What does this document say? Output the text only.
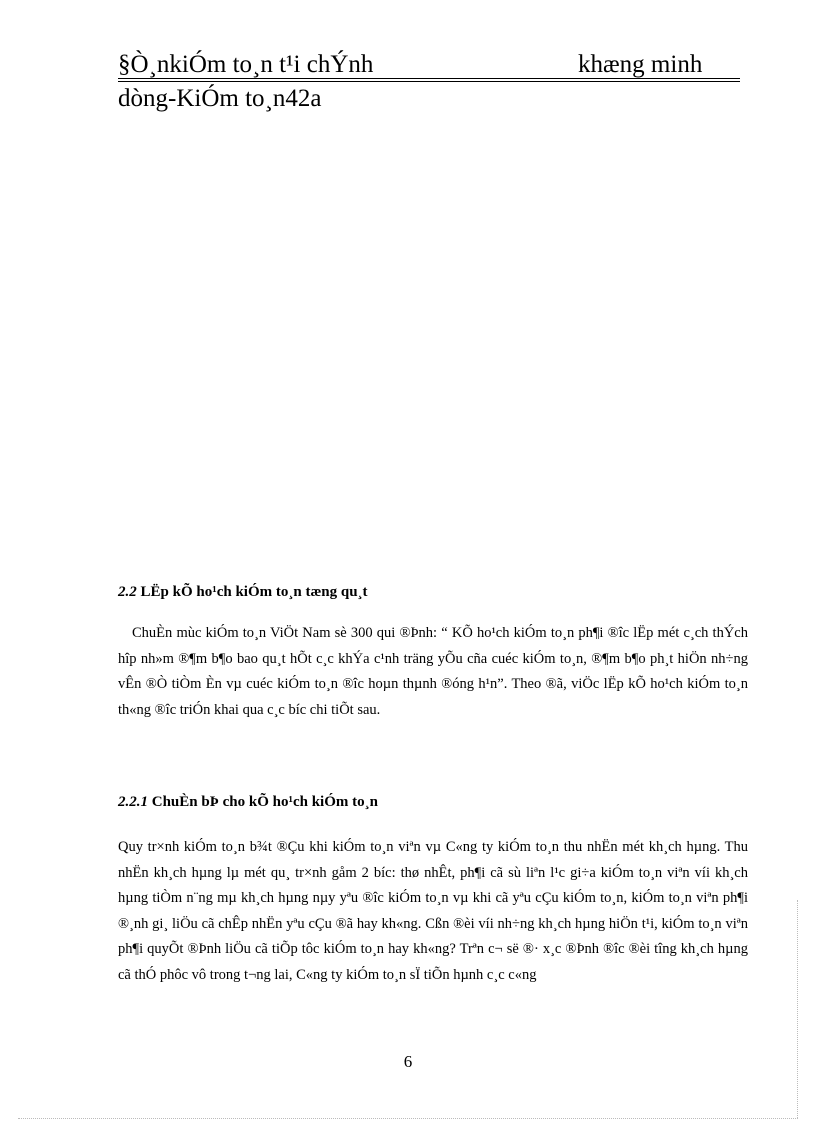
§Ò¸nkiÓm to¸n t¹i chÝnh	khæng minh
dòng-KiÓm to¸n42a
2.2 LËp kÕ ho¹ch kiÓm to¸n tæng qu¸t
ChuÈn mùc kiÓm to¸n ViÖt Nam sè 300 qui ®Þnh: “ KÕ ho¹ch kiÓm to¸n ph¶i ®îc lËp mét c¸ch thÝch hîp nh»m ®¶m b¶o bao qu¸t hÕt c¸c khÝa c¹nh träng yÕu cña cuéc kiÓm to¸n, ®¶m b¶o ph¸t hiÖn nh÷ng vÊn ®Ò tiÒm Èn vµ cuéc kiÓm to¸n ®îc hoµn thµnh ®óng h¹n”. Theo ®ã, viÖc lËp kÕ ho¹ch kiÓm to¸n th«ng ®îc triÓn khai qua c¸c bíc chi tiÕt sau.
2.2.1 ChuÈn bÞ cho kÕ ho¹ch kiÓm to¸n
Quy tr×nh kiÓm to¸n b¾t ®Çu khi kiÓm to¸n viªn vµ C«ng ty kiÓm to¸n thu nhËn mét kh¸ch hµng. Thu nhËn kh¸ch hµng lµ mét qu¸ tr×nh gåm 2 bíc: thø nhÊt, ph¶i cã sù liªn l¹c gi÷a kiÓm to¸n viªn víi kh¸ch hµng tiÒm n¨ng mµ kh¸ch hµng nµy yªu ®îc kiÓm to¸n vµ khi cã yªu cÇu kiÓm to¸n, kiÓm to¸n viªn ph¶i ®¸nh gi¸ liÖu cã chÊp nhËn yªu cÇu ®ã hay kh«ng. Cßn ®èi víi nh÷ng kh¸ch hµng hiÖn t¹i, kiÓm to¸n viªn ph¶i quyÕt ®Þnh liÖu cã tiÕp tôc kiÓm to¸n hay kh«ng? Trªn c¬ së ®· x¸c ®Þnh ®îc ®èi tîng kh¸ch hµng cã thÓ phôc vô trong t¬ng lai, C«ng ty kiÓm to¸n sÏ tiÕn hµnh c¸c c«ng
6
